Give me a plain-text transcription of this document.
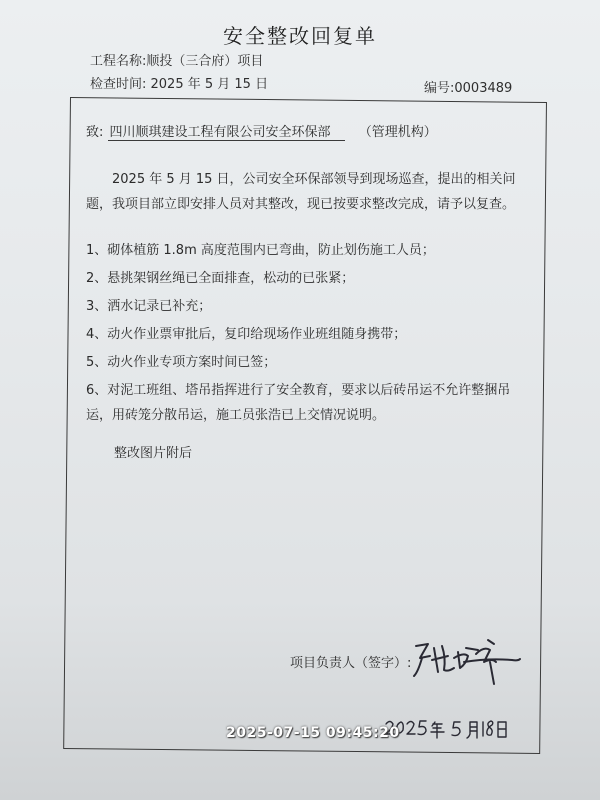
安全整改回复单
工程名称:顺投（三合府）项目
检查时间: 2025 年 5 月 15 日	编号:0003489
致: 四川顺琪建设工程有限公司安全环保部 （管理机构）
2025 年 5 月 15 日，公司安全环保部领导到现场巡查，提出的相关问题，我项目部立即安排人员对其整改，现已按要求整改完成，请予以复查。
1、砌体植筋 1.8m 高度范围内已弯曲，防止划伤施工人员；
2、悬挑架钢丝绳已全面排查，松动的已张紧；
3、洒水记录已补充；
4、动火作业票审批后，复印给现场作业班组随身携带；
5、动火作业专项方案时间已签；
6、对泥工班组、塔吊指挥进行了安全教育，要求以后砖吊运不允许整捆吊运，用砖笼分散吊运，施工员张浩已上交情况说明。
整改图片附后
项目负责人（签字）:
2025-07-15 09:45:20
